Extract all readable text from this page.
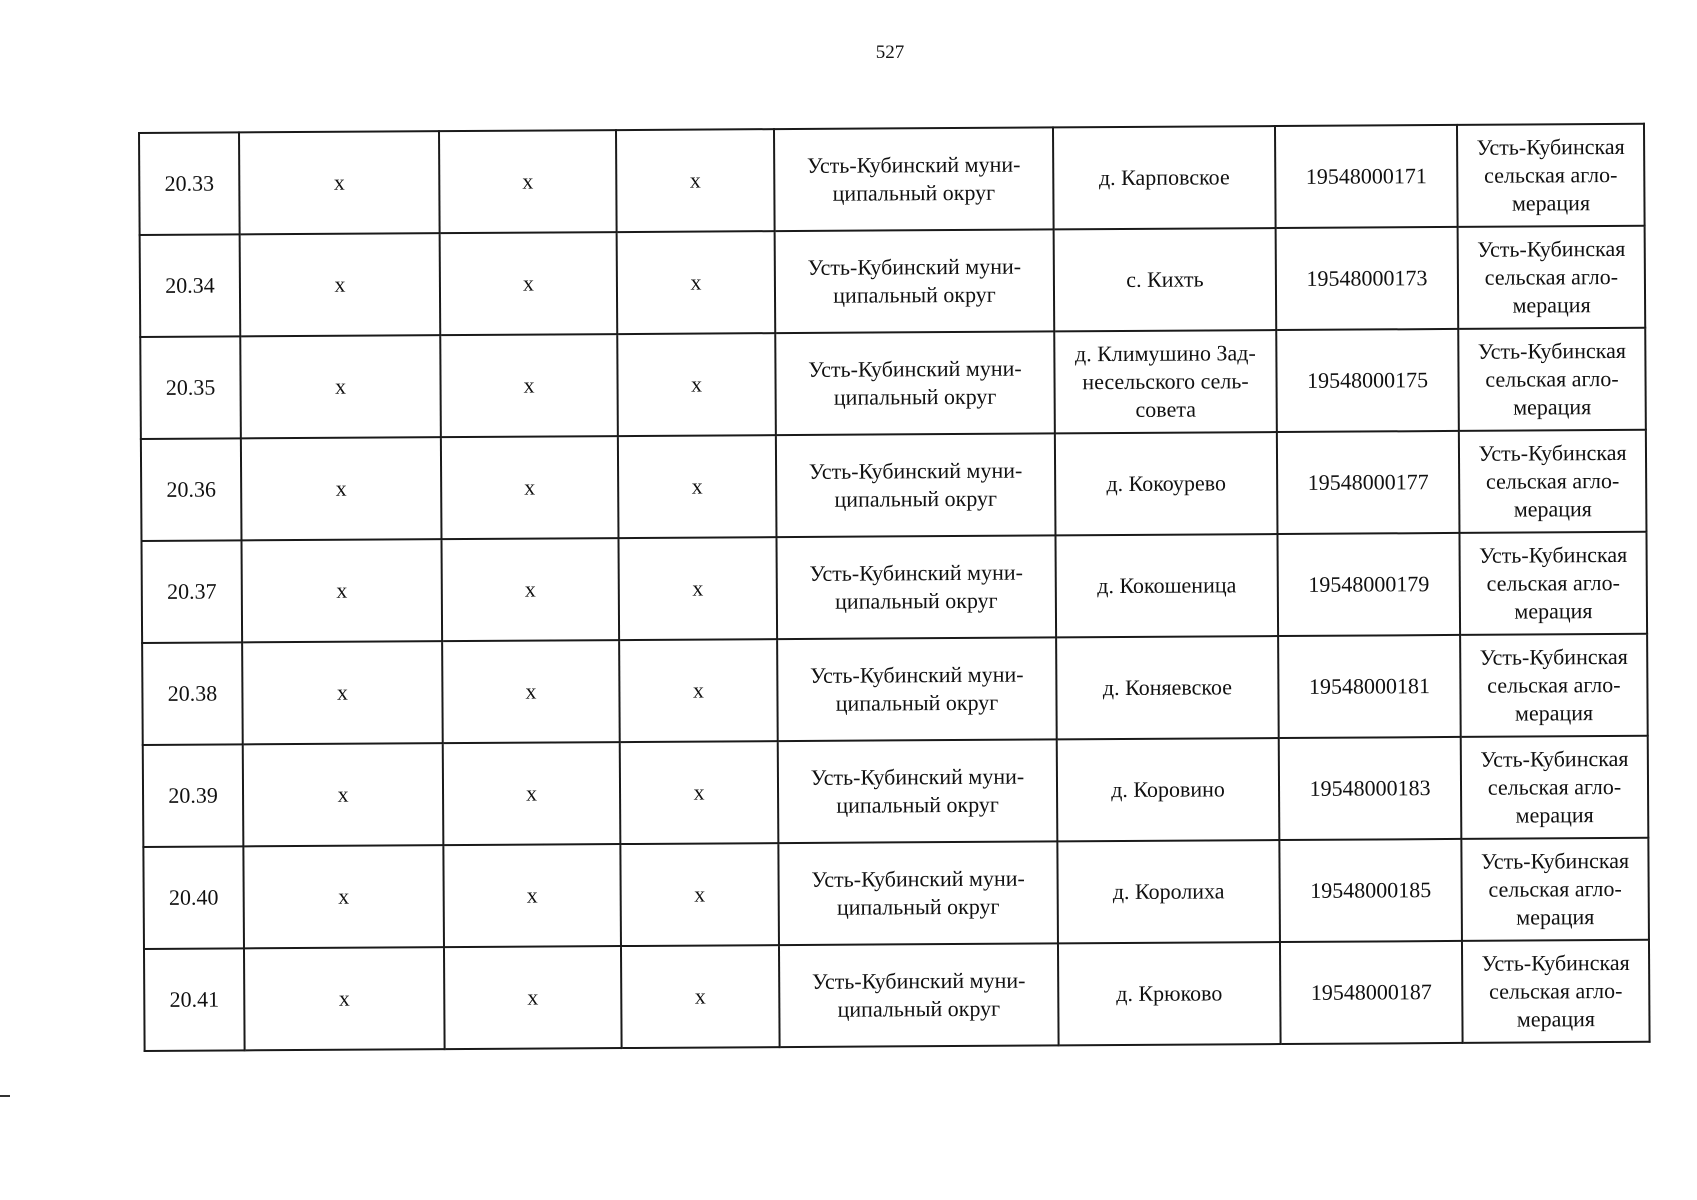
527
20.33	х	х	х	Усть-Кубинский муни-
ципальный округ	д. Карповское	19548000171	Усть-Кубинская
сельская агло-
мерация
20.34	х	х	х	Усть-Кубинский муни-
ципальный округ	с. Кихть	19548000173	Усть-Кубинская
сельская агло-
мерация
20.35	х	х	х	Усть-Кубинский муни-
ципальный округ	д. Климушино Зад-
несельского сель-
совета	19548000175	Усть-Кубинская
сельская агло-
мерация
20.36	х	х	х	Усть-Кубинский муни-
ципальный округ	д. Кокоурево	19548000177	Усть-Кубинская
сельская агло-
мерация
20.37	х	х	х	Усть-Кубинский муни-
ципальный округ	д. Кокошеница	19548000179	Усть-Кубинская
сельская агло-
мерация
20.38	х	х	х	Усть-Кубинский муни-
ципальный округ	д. Коняевское	19548000181	Усть-Кубинская
сельская агло-
мерация
20.39	х	х	х	Усть-Кубинский муни-
ципальный округ	д. Коровино	19548000183	Усть-Кубинская
сельская агло-
мерация
20.40	х	х	х	Усть-Кубинский муни-
ципальный округ	д. Королиха	19548000185	Усть-Кубинская
сельская агло-
мерация
20.41	х	х	х	Усть-Кубинский муни-
ципальный округ	д. Крюково	19548000187	Усть-Кубинская
сельская агло-
мерация
